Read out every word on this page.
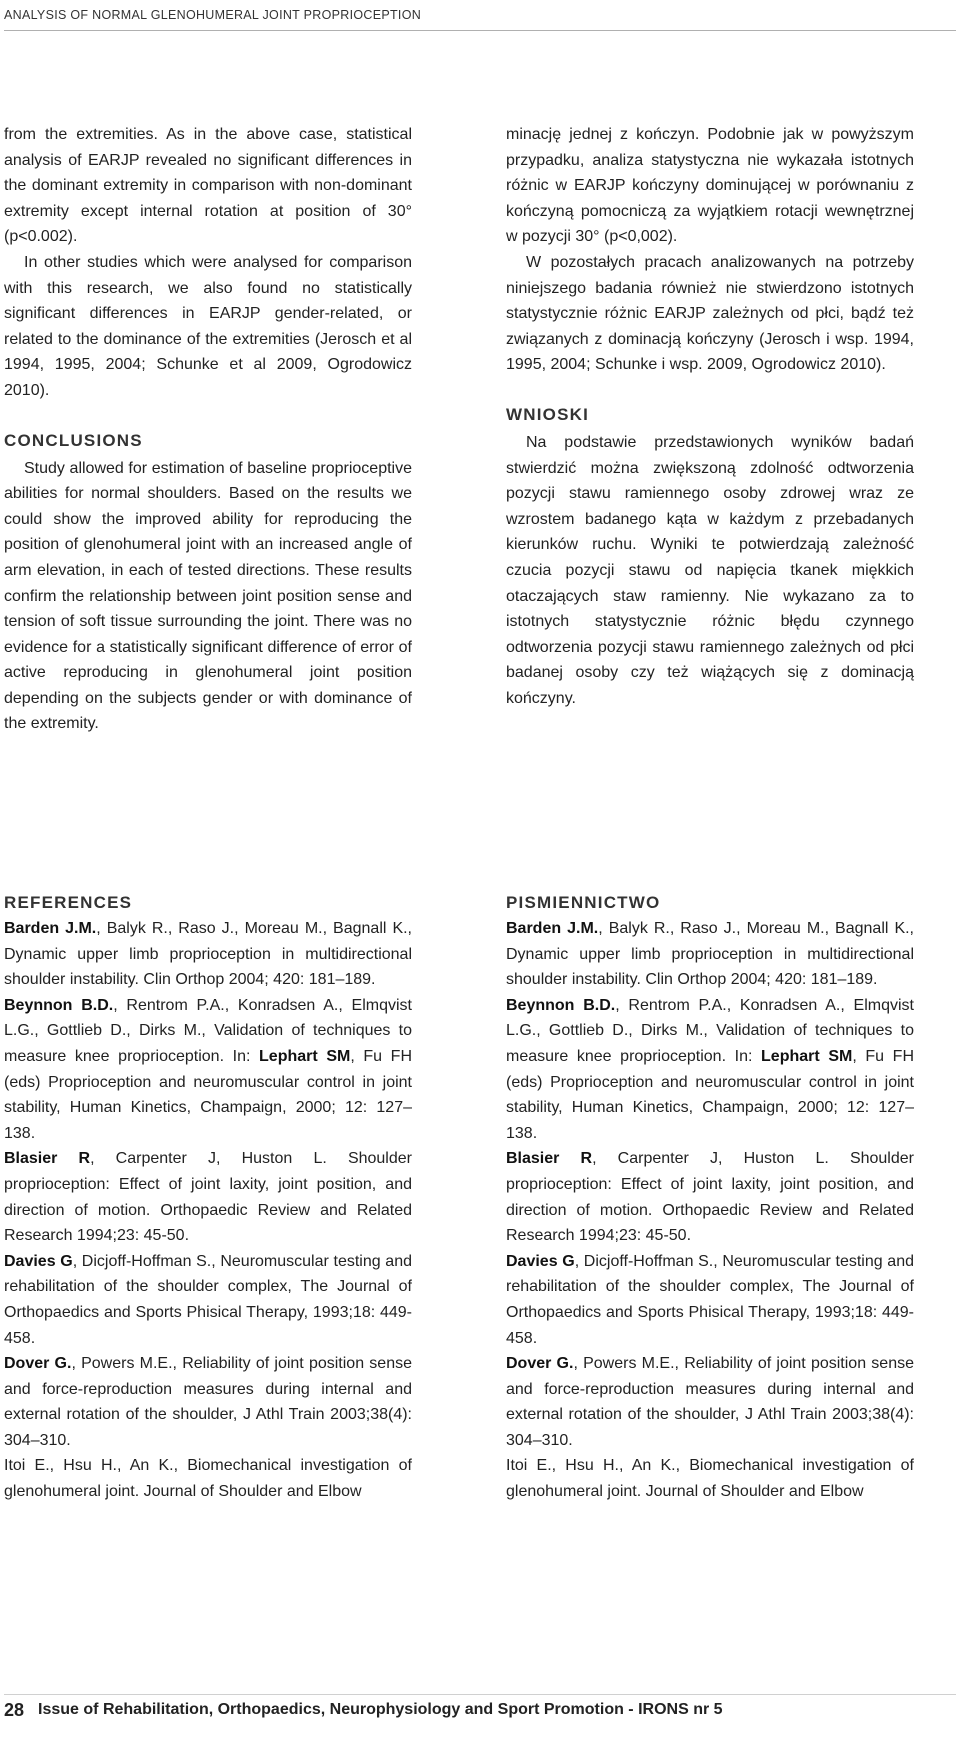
ANALYSIS OF NORMAL GLENOHUMERAL JOINT PROPRIOCEPTION

from the extremities. As in the above case, statistical analysis of EARJP revealed no significant differences in the dominant extremity in comparison with non-dominant extremity except internal rotation at position of 30° (p<0.002).

In other studies which were analysed for comparison with this research, we also found no statistically significant differences in EARJP gender-related, or related to the dominance of the extremities (Jerosch et al 1994, 1995, 2004; Schunke et al 2009, Ogrodowicz 2010).

CONCLUSIONS

Study allowed for estimation of baseline proprioceptive abilities for normal shoulders. Based on the results we could show the improved ability for reproducing the position of glenohumeral joint with an increased angle of arm elevation, in each of tested directions. These results confirm the relationship between joint position sense and tension of soft tissue surrounding the joint. There was no evidence for a statistically significant difference of error of active reproducing in glenohumeral joint position depending on the subjects gender or with dominance of the extremity.

minację jednej z kończyn. Podobnie jak w powyższym przypadku, analiza statystyczna nie wykazała istotnych różnic w EARJP kończyny dominującej w porównaniu z kończyną pomocniczą za wyjątkiem rotacji wewnętrznej w pozycji 30° (p<0,002).

W pozostałych pracach analizowanych na potrzeby niniejszego badania również nie stwierdzono istotnych statystycznie różnic EARJP zależnych od płci, bądź też związanych z dominacją kończyny (Jerosch i wsp. 1994, 1995, 2004; Schunke i wsp. 2009, Ogrodowicz 2010).

WNIOSKI

Na podstawie przedstawionych wyników badań stwierdzić można zwiększoną zdolność odtworzenia pozycji stawu ramiennego osoby zdrowej wraz ze wzrostem badanego kąta w każdym z przebadanych kierunków ruchu. Wyniki te potwierdzają zależność czucia pozycji stawu od napięcia tkanek miękkich otaczających staw ramienny. Nie wykazano za to istotnych statystycznie różnic błędu czynnego odtworzenia pozycji stawu ramiennego zależnych od płci badanej osoby czy też wiążących się z dominacją kończyny.

REFERENCES

Barden J.M., Balyk R., Raso J., Moreau M., Bagnall K., Dynamic upper limb proprioception in multidirectional shoulder instability. Clin Orthop 2004; 420: 181–189.

Beynnon B.D., Rentrom P.A., Konradsen A., Elmqvist L.G., Gottlieb D., Dirks M., Validation of techniques to measure knee proprioception. In: Lephart SM, Fu FH (eds) Proprioception and neuromuscular control in joint stability, Human Kinetics, Champaign, 2000; 12: 127–138.

Blasier R, Carpenter J, Huston L. Shoulder proprioception: Effect of joint laxity, joint position, and direction of motion. Orthopaedic Review and Related Research 1994;23: 45-50.

Davies G, Dicjoff-Hoffman S., Neuromuscular testing and rehabilitation of the shoulder complex, The Journal of Orthopaedics and Sports Phisical Therapy, 1993;18: 449-458.

Dover G., Powers M.E., Reliability of joint position sense and force-reproduction measures during internal and external rotation of the shoulder, J Athl Train 2003;38(4): 304–310.

Itoi E., Hsu H., An K., Biomechanical investigation of glenohumeral joint. Journal of Shoulder and Elbow

PISMIENNICTWO

Barden J.M., Balyk R., Raso J., Moreau M., Bagnall K., Dynamic upper limb proprioception in multidirectional shoulder instability. Clin Orthop 2004; 420: 181–189.

Beynnon B.D., Rentrom P.A., Konradsen A., Elmqvist L.G., Gottlieb D., Dirks M., Validation of techniques to measure knee proprioception. In: Lephart SM, Fu FH (eds) Proprioception and neuromuscular control in joint stability, Human Kinetics, Champaign, 2000; 12: 127–138.

Blasier R, Carpenter J, Huston L. Shoulder proprioception: Effect of joint laxity, joint position, and direction of motion. Orthopaedic Review and Related Research 1994;23: 45-50.

Davies G, Dicjoff-Hoffman S., Neuromuscular testing and rehabilitation of the shoulder complex, The Journal of Orthopaedics and Sports Phisical Therapy, 1993;18: 449-458.

Dover G., Powers M.E., Reliability of joint position sense and force-reproduction measures during internal and external rotation of the shoulder, J Athl Train 2003;38(4): 304–310.

Itoi E., Hsu H., An K., Biomechanical investigation of glenohumeral joint. Journal of Shoulder and Elbow

28 Issue of Rehabilitation, Orthopaedics, Neurophysiology and Sport Promotion - IRONS nr 5
